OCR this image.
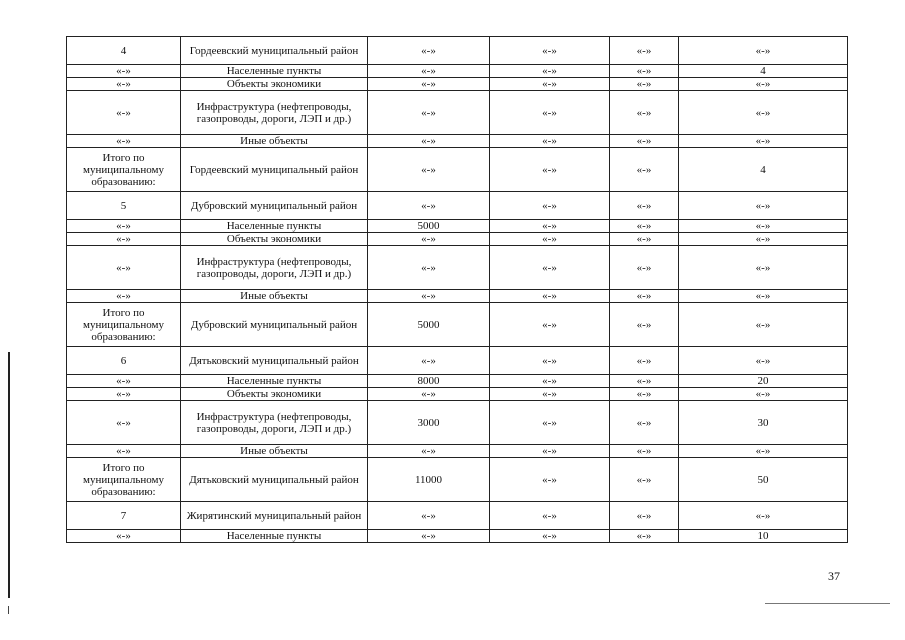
4	Гордеевский муниципальный район	«-»	«-»	«-»	«-»
«-»	Населенные пункты	«-»	«-»	«-»	4
«-»	Объекты экономики	«-»	«-»	«-»	«-»
«-»	Инфраструктура (нефтепроводы, газопроводы, дороги, ЛЭП и др.)	«-»	«-»	«-»	«-»
«-»	Иные объекты	«-»	«-»	«-»	«-»
Итого по муниципальному образованию:	Гордеевский муниципальный район	«-»	«-»	«-»	4
5	Дубровский муниципальный район	«-»	«-»	«-»	«-»
«-»	Населенные пункты	5000	«-»	«-»	«-»
«-»	Объекты экономики	«-»	«-»	«-»	«-»
«-»	Инфраструктура (нефтепроводы, газопроводы, дороги, ЛЭП и др.)	«-»	«-»	«-»	«-»
«-»	Иные объекты	«-»	«-»	«-»	«-»
Итого по муниципальному образованию:	Дубровский муниципальный район	5000	«-»	«-»	«-»
6	Дятьковский муниципальный район	«-»	«-»	«-»	«-»
«-»	Населенные пункты	8000	«-»	«-»	20
«-»	Объекты экономики	«-»	«-»	«-»	«-»
«-»	Инфраструктура (нефтепроводы, газопроводы, дороги, ЛЭП и др.)	3000	«-»	«-»	30
«-»	Иные объекты	«-»	«-»	«-»	«-»
Итого по муниципальному образованию:	Дятьковский муниципальный район	11000	«-»	«-»	50
7	Жирятинский муниципальный район	«-»	«-»	«-»	«-»
«-»	Населенные пункты	«-»	«-»	«-»	10
37
